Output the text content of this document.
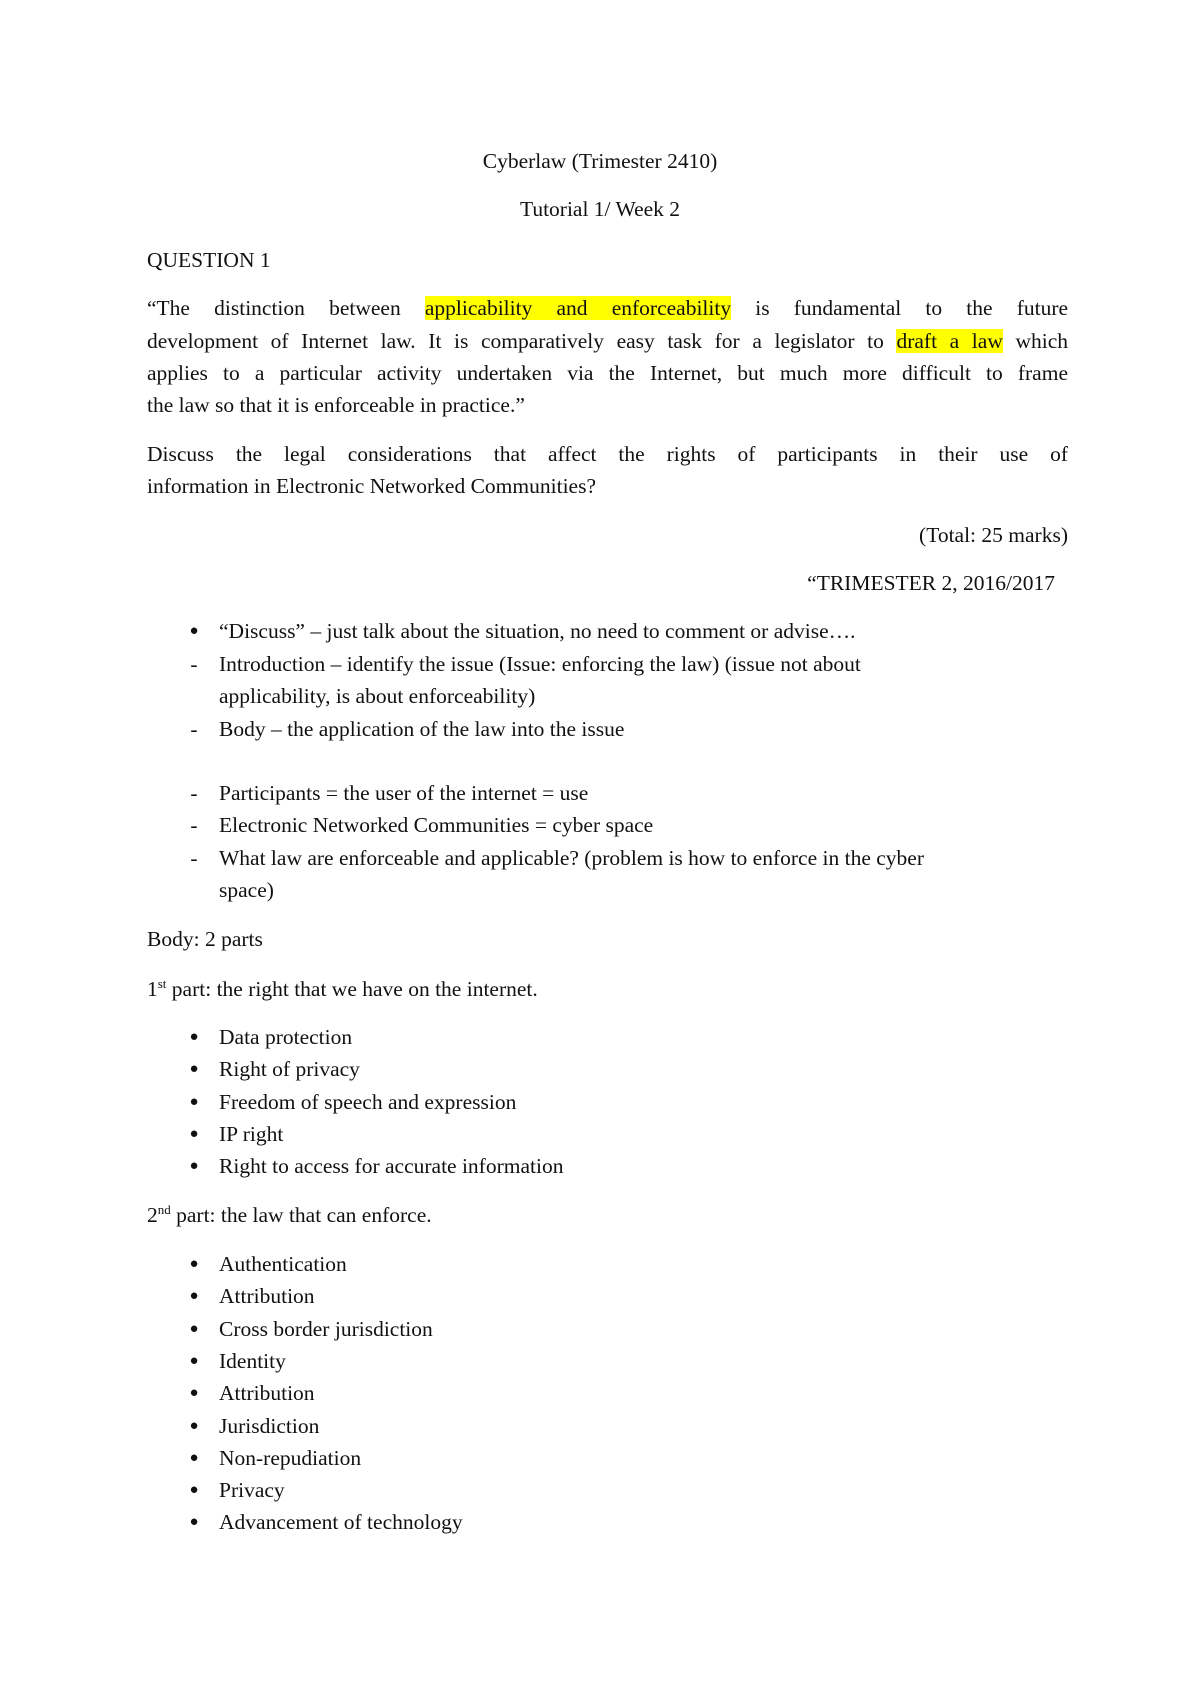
Cyberlaw (Trimester 2410)
Tutorial 1/ Week 2
QUESTION 1
“The distinction between applicability and enforceability is fundamental to the future
development of Internet law. It is comparatively easy task for a legislator to draft a law which
applies to a particular activity undertaken via the Internet, but much more difficult to frame
the law so that it is enforceable in practice.”
Discuss the legal considerations that affect the rights of participants in their use of
information in Electronic Networked Communities?
(Total: 25 marks)
“TRIMESTER 2, 2016/2017
● “Discuss” – just talk about the situation, no need to comment or advise….
- Introduction – identify the issue (Issue: enforcing the law) (issue not about
applicability, is about enforceability)
- Body – the application of the law into the issue
- Participants = the user of the internet = use
- Electronic Networked Communities = cyber space
- What law are enforceable and applicable? (problem is how to enforce in the cyber
space)
Body: 2 parts
1st part: the right that we have on the internet.
● Data protection
● Right of privacy
● Freedom of speech and expression
● IP right
● Right to access for accurate information
2nd part: the law that can enforce.
● Authentication
● Attribution
● Cross border jurisdiction
● Identity
● Attribution
● Jurisdiction
● Non-repudiation
● Privacy
● Advancement of technology
